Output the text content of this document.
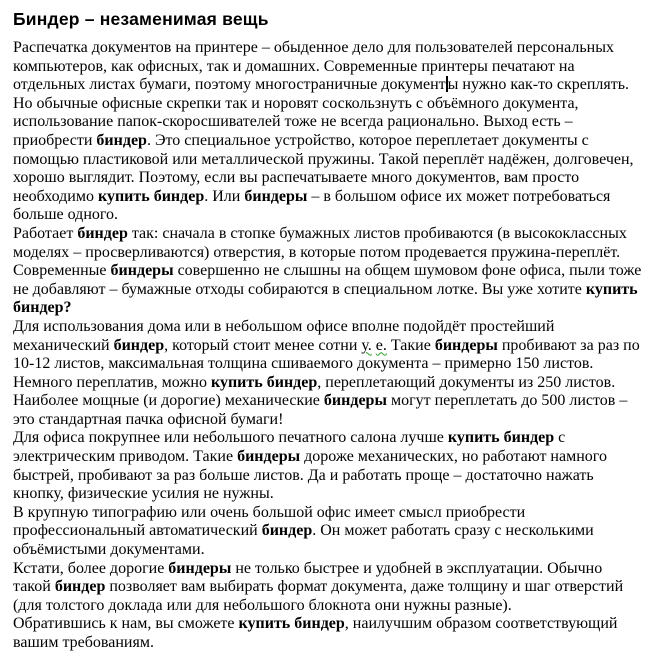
Биндер – незаменимая вещь

Распечатка документов на принтере – обыденное дело для пользователей персональных компьютеров, как офисных, так и домашних. Современные принтеры печатают на отдельных листах бумаги, поэтому многостраничные документ ы нужно как-то скреплять. Но обычные офисные скрепки так и норовят соскользнуть с объёмного документа, использование папок-скоросшивателей тоже не всегда рационально. Выход есть – приобрести биндер. Это специальное устройство, которое переплетает документы с помощью пластиковой или металлической пружины. Такой переплёт надёжен, долговечен, хорошо выглядит. Поэтому, если вы распечатываете много документов, вам просто необходимо купить биндер. Или биндеры – в большом офисе их может потребоваться больше одного.

Работает биндер так: сначала в стопке бумажных листов пробиваются (в высококлассных моделях – просверливаются) отверстия, в которые потом продевается пружина-переплёт. Современные биндеры совершенно не слышны на общем шумовом фоне офиса, пыли тоже не добавляют – бумажные отходы собираются в специальном лотке. Вы уже хотите купить биндер?

Для использования дома или в небольшом офисе вполне подойдёт простейший механический биндер, который стоит менее сотни у. е. Такие биндеры пробивают за раз по 10-12 листов, максимальная толщина сшиваемого документа – примерно 150 листов. Немного переплатив, можно купить биндер, переплетающий документы из 250 листов. Наиболее мощные (и дорогие) механические биндеры могут переплетать до 500 листов – это стандартная пачка офисной бумаги!

Для офиса покрупнее или небольшого печатного салона лучше купить биндер с электрическим приводом. Такие биндеры дороже механических, но работают намного быстрей, пробивают за раз больше листов. Да и работать проще – достаточно нажать кнопку, физические усилия не нужны.

В крупную типографию или очень большой офис имеет смысл приобрести профессиональный автоматический биндер. Он может работать сразу с несколькими объёмистыми документами.

Кстати, более дорогие биндеры не только быстрее и удобней в эксплуатации. Обычно такой биндер позволяет вам выбирать формат документа, даже толщину и шаг отверстий (для толстого доклада или для небольшого блокнота они нужны разные).

Обратившись к нам, вы сможете купить биндер, наилучшим образом соответствующий вашим требованиям.
